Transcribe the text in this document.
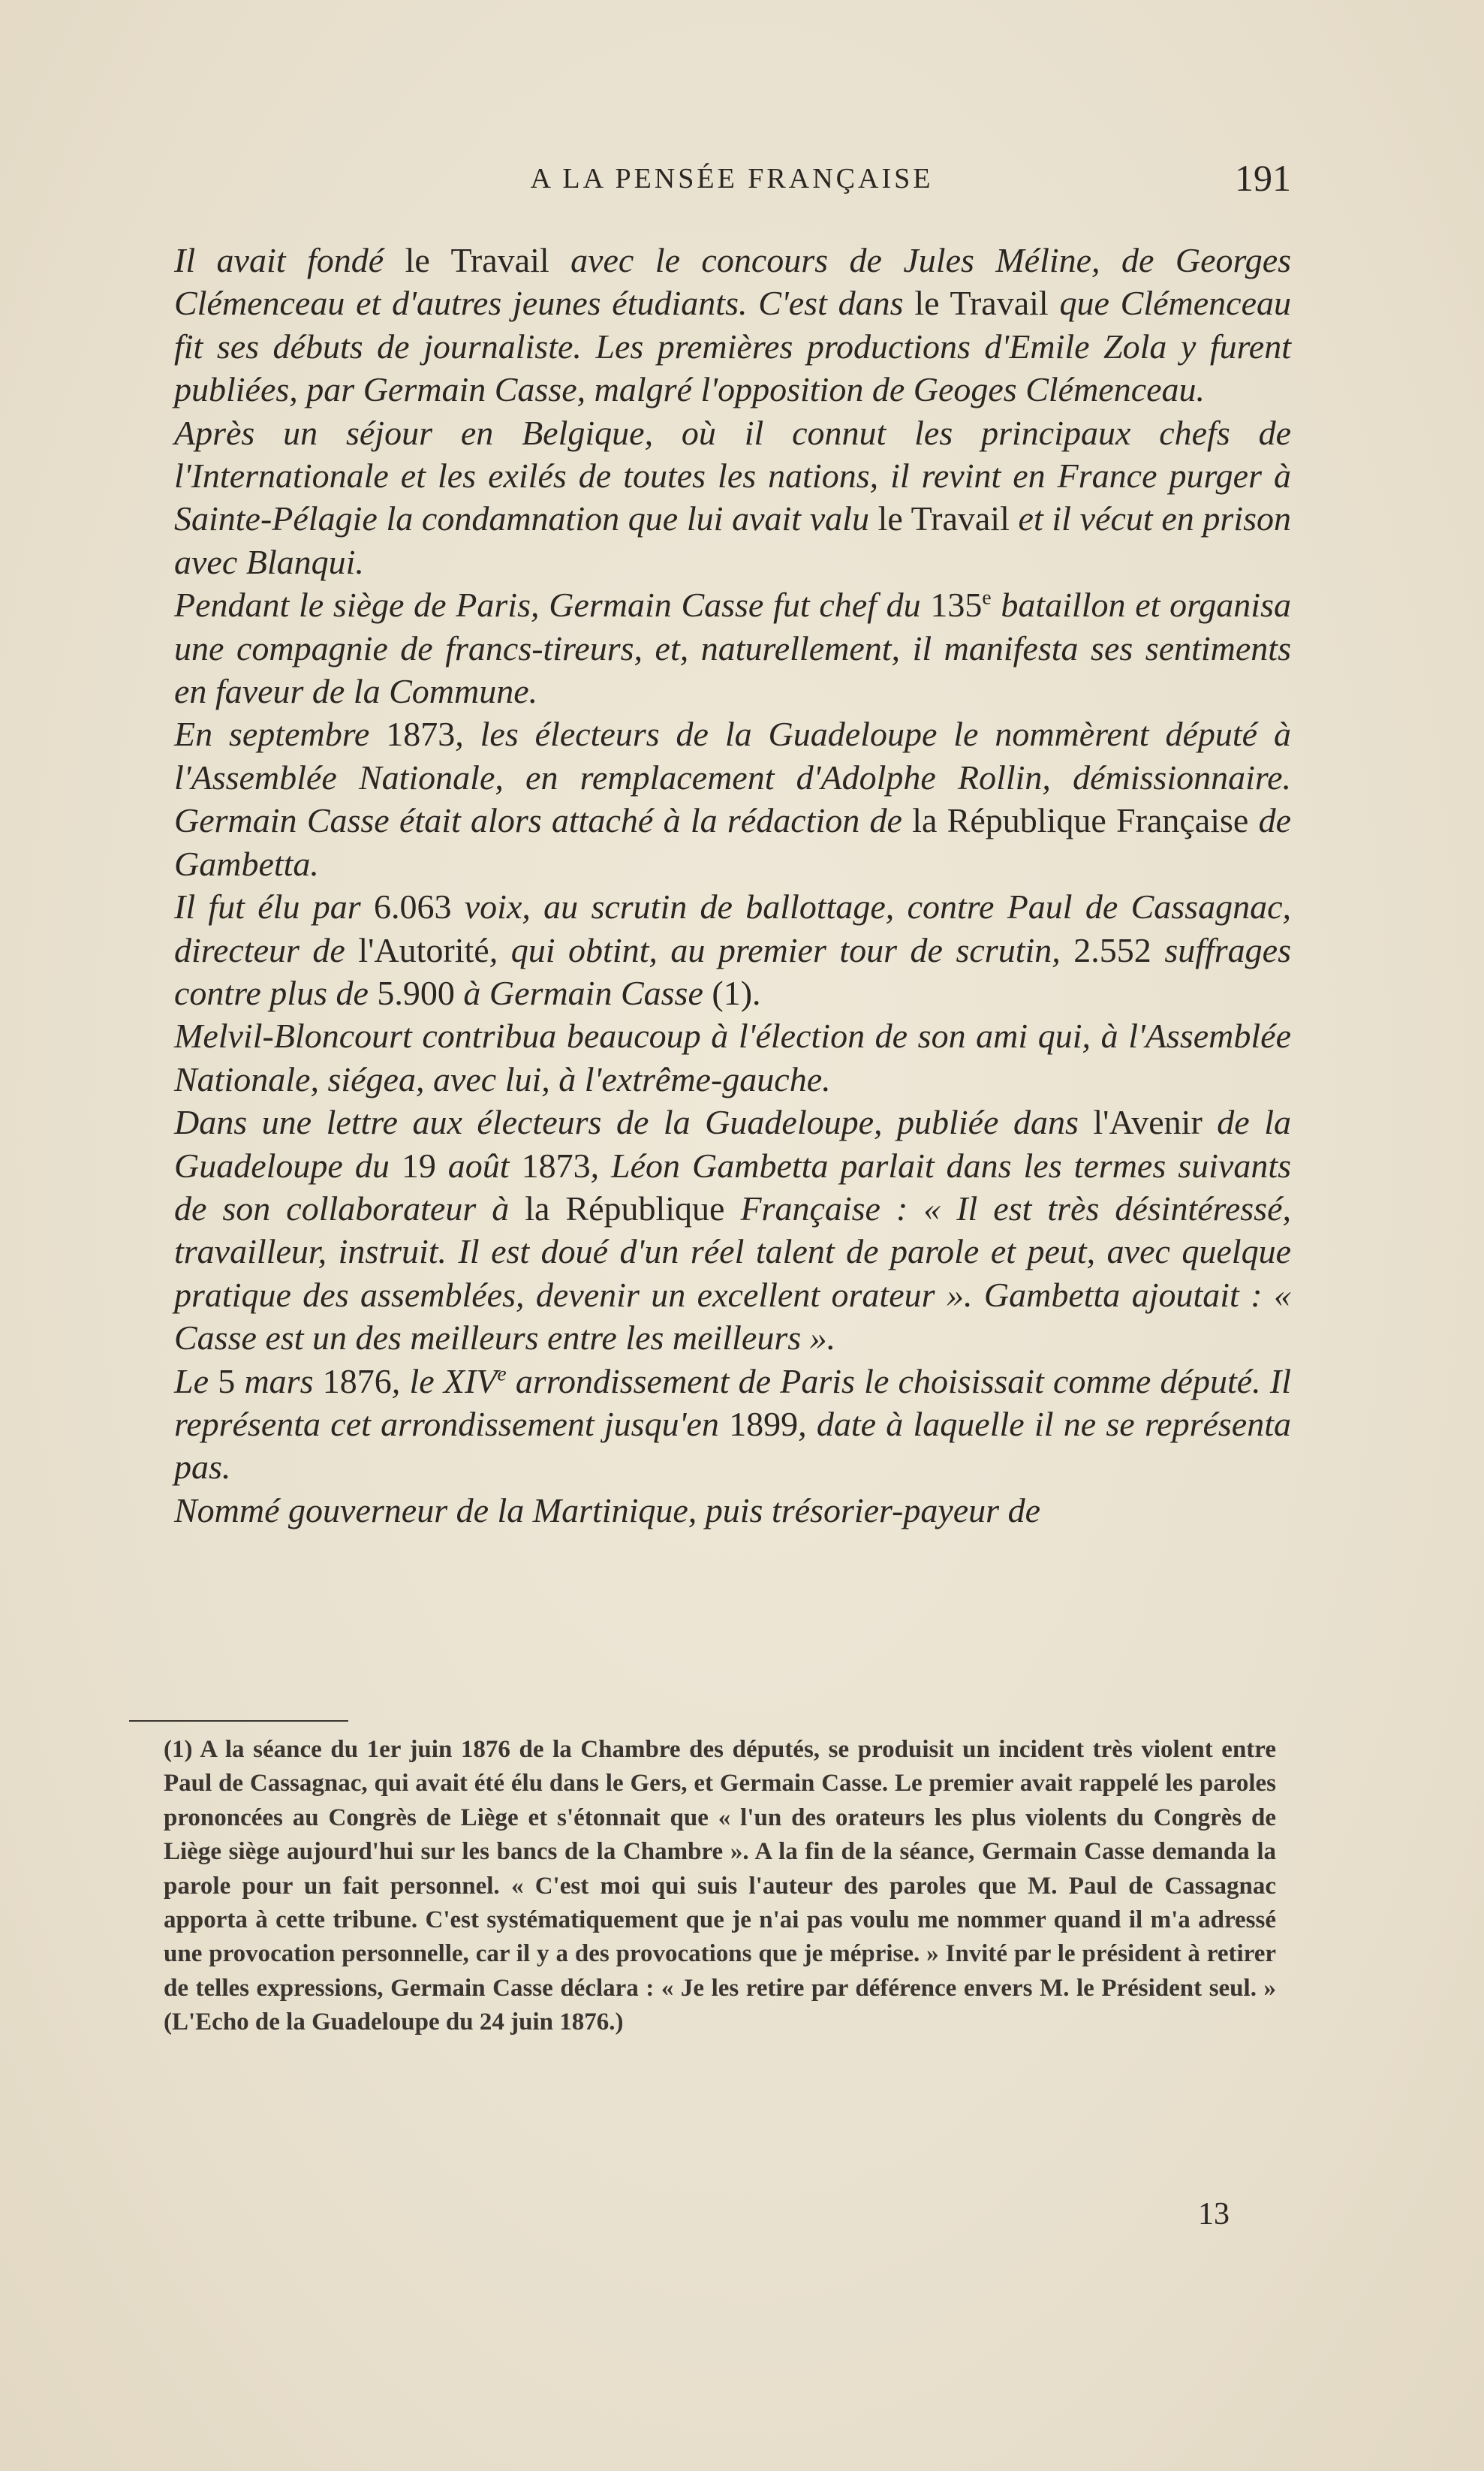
A LA PENSÉE FRANÇAISE	191

Il avait fondé le Travail avec le concours de Jules Méline, de Georges Clémenceau et d'autres jeunes étudiants. C'est dans le Travail que Clémenceau fit ses débuts de journaliste. Les premières productions d'Emile Zola y furent publiées, par Germain Casse, malgré l'opposition de Geoges Clémenceau.

Après un séjour en Belgique, où il connut les principaux chefs de l'Internationale et les exilés de toutes les nations, il revint en France purger à Sainte-Pélagie la condamnation que lui avait valu le Travail et il vécut en prison avec Blanqui.

Pendant le siège de Paris, Germain Casse fut chef du 135e bataillon et organisa une compagnie de francs-tireurs, et, naturellement, il manifesta ses sentiments en faveur de la Commune.

En septembre 1873, les électeurs de la Guadeloupe le nommèrent député à l'Assemblée Nationale, en remplacement d'Adolphe Rollin, démissionnaire. Germain Casse était alors attaché à la rédaction de la République Française de Gambetta.

Il fut élu par 6.063 voix, au scrutin de ballottage, contre Paul de Cassagnac, directeur de l'Autorité, qui obtint, au premier tour de scrutin, 2.552 suffrages contre plus de 5.900 à Germain Casse (1).

Melvil-Bloncourt contribua beaucoup à l'élection de son ami qui, à l'Assemblée Nationale, siégea, avec lui, à l'extrême-gauche.

Dans une lettre aux électeurs de la Guadeloupe, publiée dans l'Avenir de la Guadeloupe du 19 août 1873, Léon Gambetta parlait dans les termes suivants de son collaborateur à la République Française : « Il est très désintéressé, travailleur, instruit. Il est doué d'un réel talent de parole et peut, avec quelque pratique des assemblées, devenir un excellent orateur ». Gambetta ajoutait : « Casse est un des meilleurs entre les meilleurs ».

Le 5 mars 1876, le XIVe arrondissement de Paris le choisissait comme député. Il représenta cet arrondissement jusqu'en 1899, date à laquelle il ne se représenta pas.

Nommé gouverneur de la Martinique, puis trésorier-payeur de

(1) A la séance du 1er juin 1876 de la Chambre des députés, se produisit un incident très violent entre Paul de Cassagnac, qui avait été élu dans le Gers, et Germain Casse. Le premier avait rappelé les paroles prononcées au Congrès de Liège et s'étonnait que « l'un des orateurs les plus violents du Congrès de Liège siège aujourd'hui sur les bancs de la Chambre ». A la fin de la séance, Germain Casse demanda la parole pour un fait personnel. « C'est moi qui suis l'auteur des paroles que M. Paul de Cassagnac apporta à cette tribune. C'est systématiquement que je n'ai pas voulu me nommer quand il m'a adressé une provocation personnelle, car il y a des provocations que je méprise. » Invité par le président à retirer de telles expressions, Germain Casse déclara : « Je les retire par déférence envers M. le Président seul. » (L'Echo de la Guadeloupe du 24 juin 1876.)

13
